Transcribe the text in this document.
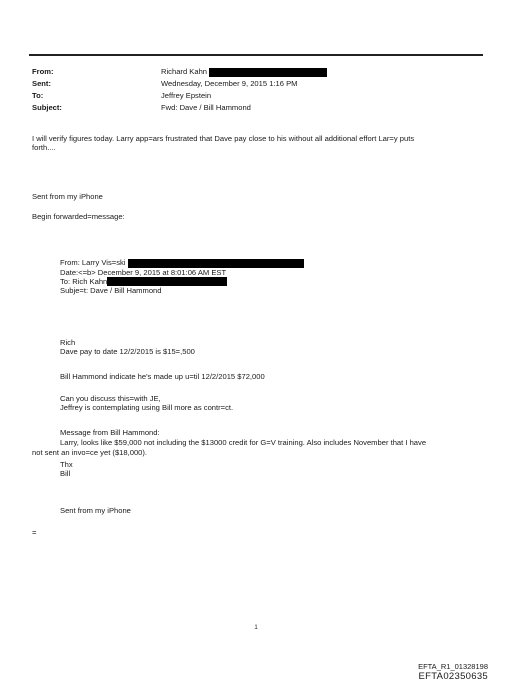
From:	Richard Kahn
Sent:	Wednesday, December 9, 2015 1:16 PM
To:	Jeffrey Epstein
Subject:	Fwd: Dave / Bill Hammond

I will verify figures today. Larry app=ars frustrated that Dave pay close to his without all additional effort Lar=y puts

forth....

Sent from my iPhone

Begin forwarded=message:

From: Larry Vis=ski

Date:<=b> December 9, 2015 at 8:01:06 AM EST

To: Rich Kahn

Subje=t: Dave / Bill Hammond

Rich

Dave pay to date 12/2/2015 is $15=,500

Bill Hammond indicate he's made up u=til 12/2/2015 $72,000

Can you discuss this=with JE,

Jeffrey is contemplating using Bill more as contr=ct.

Message from Bill Hammond:

Larry, looks like $59,000 not including the $13000 credit for G=V training. Also includes November that I have

not sent an invo=ce yet ($18,000).

Thx

Bill

Sent from my iPhone

=

1
EFTA_R1_01328198
EFTA02350635
